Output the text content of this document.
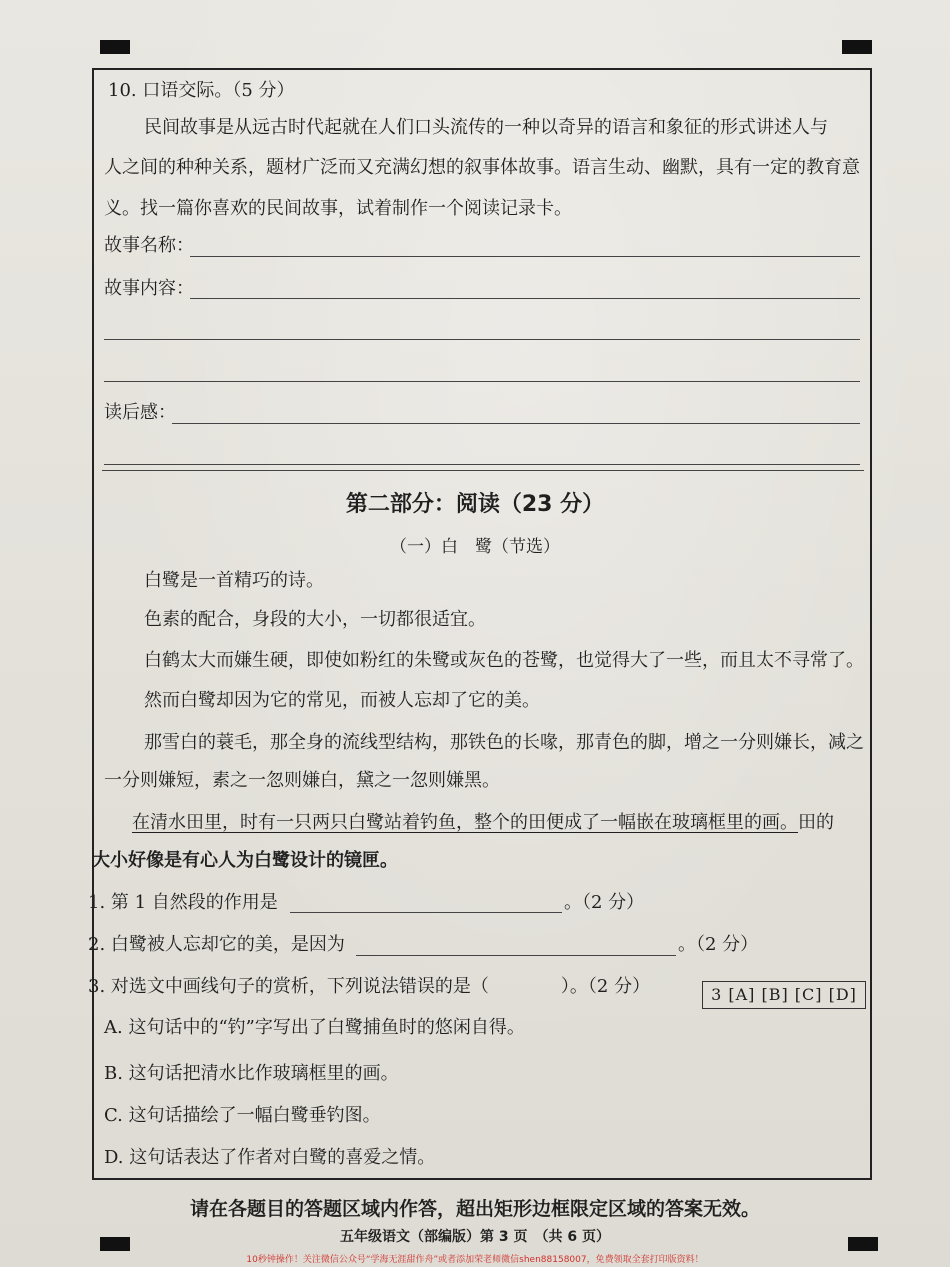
10. 口语交际。（5 分）
民间故事是从远古时代起就在人们口头流传的一种以奇异的语言和象征的形式讲述人与
人之间的种种关系，题材广泛而又充满幻想的叙事体故事。语言生动、幽默，具有一定的教育意
义。找一篇你喜欢的民间故事，试着制作一个阅读记录卡。
故事名称：
故事内容：
读后感：
第二部分：阅读（23 分）
（一）白　鹭（节选）
白鹭是一首精巧的诗。
色素的配合，身段的大小，一切都很适宜。
白鹤太大而嫌生硬，即使如粉红的朱鹭或灰色的苍鹭，也觉得大了一些，而且太不寻常了。
然而白鹭却因为它的常见，而被人忘却了它的美。
那雪白的蓑毛，那全身的流线型结构，那铁色的长喙，那青色的脚，增之一分则嫌长，减之
一分则嫌短，素之一忽则嫌白，黛之一忽则嫌黑。
在清水田里，时有一只两只白鹭站着钓鱼，整个的田便成了一幅嵌在玻璃框里的画。田的
大小好像是有心人为白鹭设计的镜匣。
1. 第 1 自然段的作用是	。（2 分）
2. 白鹭被人忘却它的美，是因为	。（2 分）
3. 对选文中画线句子的赏析，下列说法错误的是（　　　　）。（2 分）	3 [A] [B] [C] [D]
A. 这句话中的“钓”字写出了白鹭捕鱼时的悠闲自得。
B. 这句话把清水比作玻璃框里的画。
C. 这句话描绘了一幅白鹭垂钓图。
D. 这句话表达了作者对白鹭的喜爱之情。
请在各题目的答题区域内作答，超出矩形边框限定区域的答案无效。
五年级语文（部编版）第 3 页　（共 6 页）
10秒钟操作！关注微信公众号“学海无涯甜作舟”或者添加荣老师微信shen88158007，免费领取全套打印版资料！
